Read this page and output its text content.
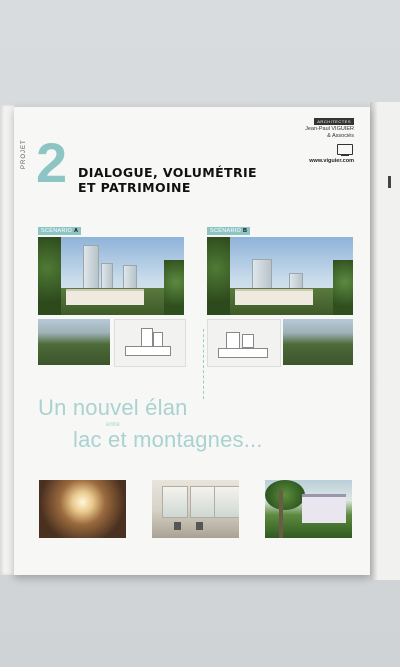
2
PROJET
DIALOGUE, VOLUMÉTRIE
ET PATRIMOINE
ARCHITECTES
Jean-Paul VIGUIER
& Associés
www.viguier.com
SCÉNARIO A	SCÉNARIO B
Un nouvel élan
entre
lac et montagnes...
